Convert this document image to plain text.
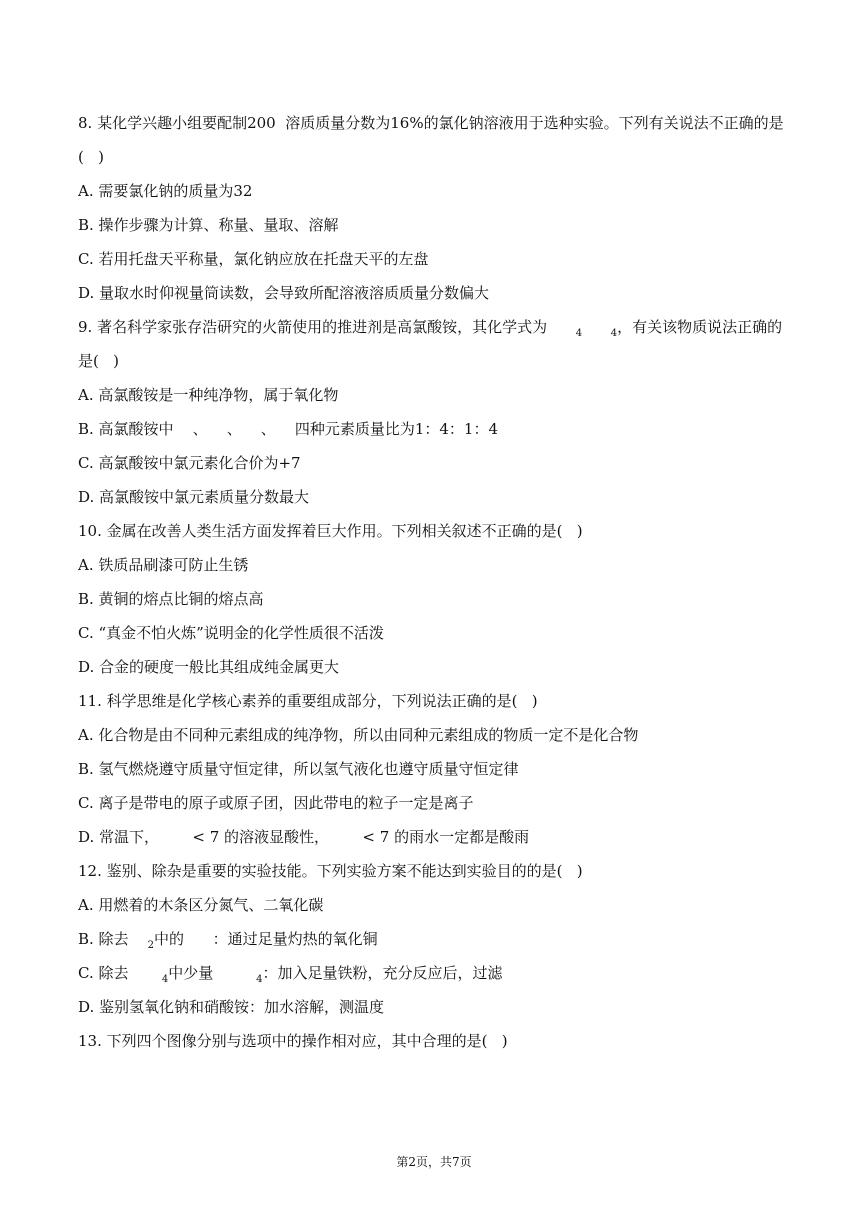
8. 某化学兴趣小组要配制200  溶质质量分数为16%的氯化钠溶液用于选种实验。下列有关说法不正确的是
(   )
A. 需要氯化钠的质量为32
B. 操作步骤为计算、称量、量取、溶解
C. 若用托盘天平称量，氯化钠应放在托盘天平的左盘
D. 量取水时仰视量筒读数，会导致所配溶液溶质质量分数偏大
9. 著名科学家张存浩研究的火箭使用的推进剂是高氯酸铵，其化学式为      $_4$	$_4$，有关该物质说法正确的
是(   )
A. 高氯酸铵是一种纯净物，属于氧化物
B. 高氯酸铵中    、    、    、    四种元素质量比为1：4：1：4
C. 高氯酸铵中氯元素化合价为+7
D. 高氯酸铵中氯元素质量分数最大
10. 金属在改善人类生活方面发挥着巨大作用。下列相关叙述不正确的是(   )
A. 铁质品刷漆可防止生锈
B. 黄铜的熔点比铜的熔点高
C. “真金不怕火炼”说明金的化学性质很不活泼
D. 合金的硬度一般比其组成纯金属更大
11. 科学思维是化学核心素养的重要组成部分，下列说法正确的是(   )
A. 化合物是由不同种元素组成的纯净物，所以由同种元素组成的物质一定不是化合物
B. 氢气燃烧遵守质量守恒定律，所以氢气液化也遵守质量守恒定律
C. 离子是带电的原子或原子团，因此带电的粒子一定是离子
D. 常温下，       < 7 的溶液显酸性，       < 7 的雨水一定都是酸雨
12. 鉴别、除杂是重要的实验技能。下列实验方案不能达到实验目的的是(   )
A. 用燃着的木条区分氮气、二氧化碳
B. 除去    $_2$中的      ：通过足量灼热的氧化铜
C. 除去       $_4$中少量         $_4$：加入足量铁粉，充分反应后，过滤
D. 鉴别氢氧化钠和硝酸铵：加水溶解，测温度
13. 下列四个图像分别与选项中的操作相对应，其中合理的是(   )
第2页，共7页
